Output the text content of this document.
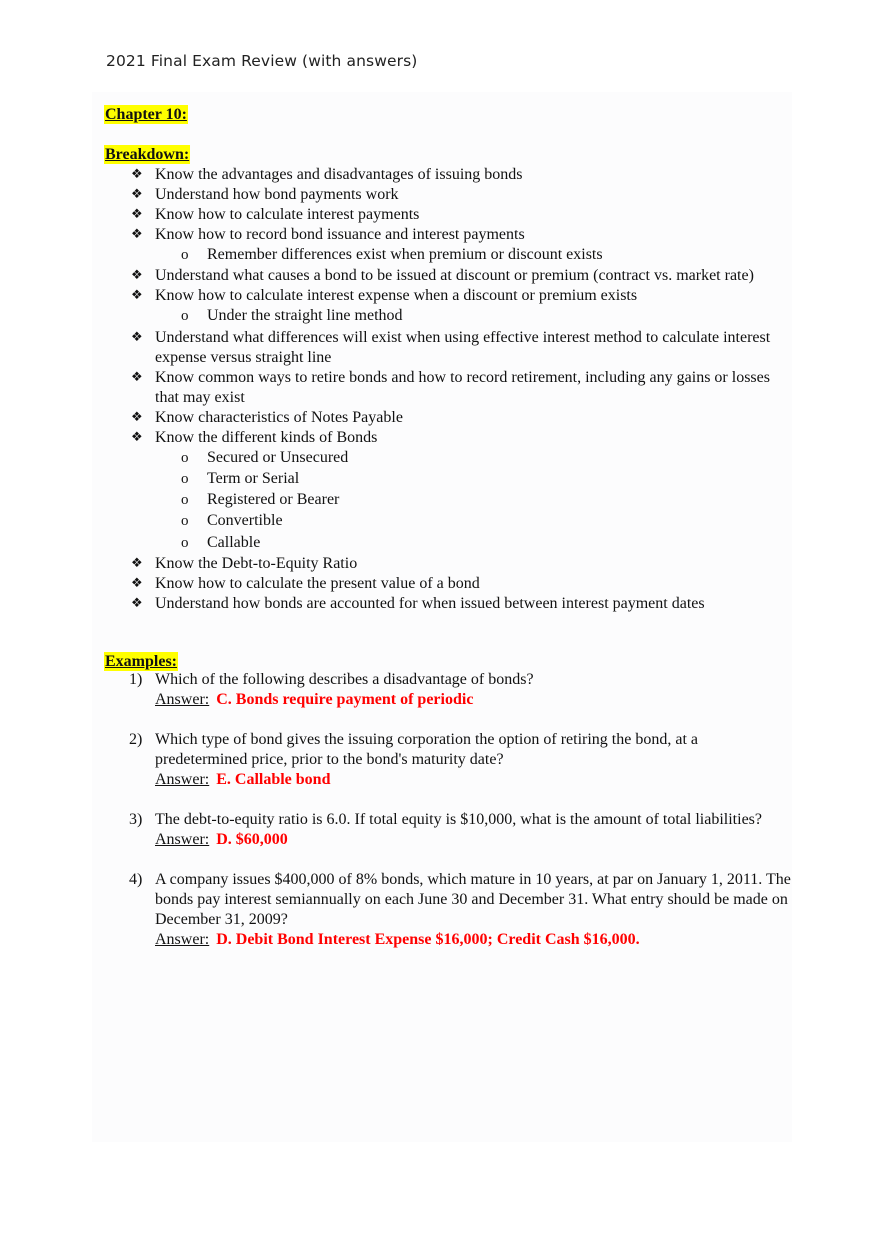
2021 Final Exam Review (with answers)
Chapter 10:
Breakdown:
❖ Know the advantages and disadvantages of issuing bonds
❖ Understand how bond payments work
❖ Know how to calculate interest payments
❖ Know how to record bond issuance and interest payments
o Remember differences exist when premium or discount exists
❖ Understand what causes a bond to be issued at discount or premium (contract vs. market rate)
❖ Know how to calculate interest expense when a discount or premium exists
o Under the straight line method
❖ Understand what differences will exist when using effective interest method to calculate interest expense versus straight line
❖ Know common ways to retire bonds and how to record retirement, including any gains or losses that may exist
❖ Know characteristics of Notes Payable
❖ Know the different kinds of Bonds
o Secured or Unsecured
o Term or Serial
o Registered or Bearer
o Convertible
o Callable
❖ Know the Debt-to-Equity Ratio
❖ Know how to calculate the present value of a bond
❖ Understand how bonds are accounted for when issued between interest payment dates
Examples:
1) Which of the following describes a disadvantage of bonds?
Answer: C. Bonds require payment of periodic
2) Which type of bond gives the issuing corporation the option of retiring the bond, at a predetermined price, prior to the bond's maturity date?
Answer: E. Callable bond
3) The debt-to-equity ratio is 6.0. If total equity is $10,000, what is the amount of total liabilities?
Answer: D. $60,000
4) A company issues $400,000 of 8% bonds, which mature in 10 years, at par on January 1, 2011. The bonds pay interest semiannually on each June 30 and December 31. What entry should be made on December 31, 2009?
Answer: D. Debit Bond Interest Expense $16,000; Credit Cash $16,000.
